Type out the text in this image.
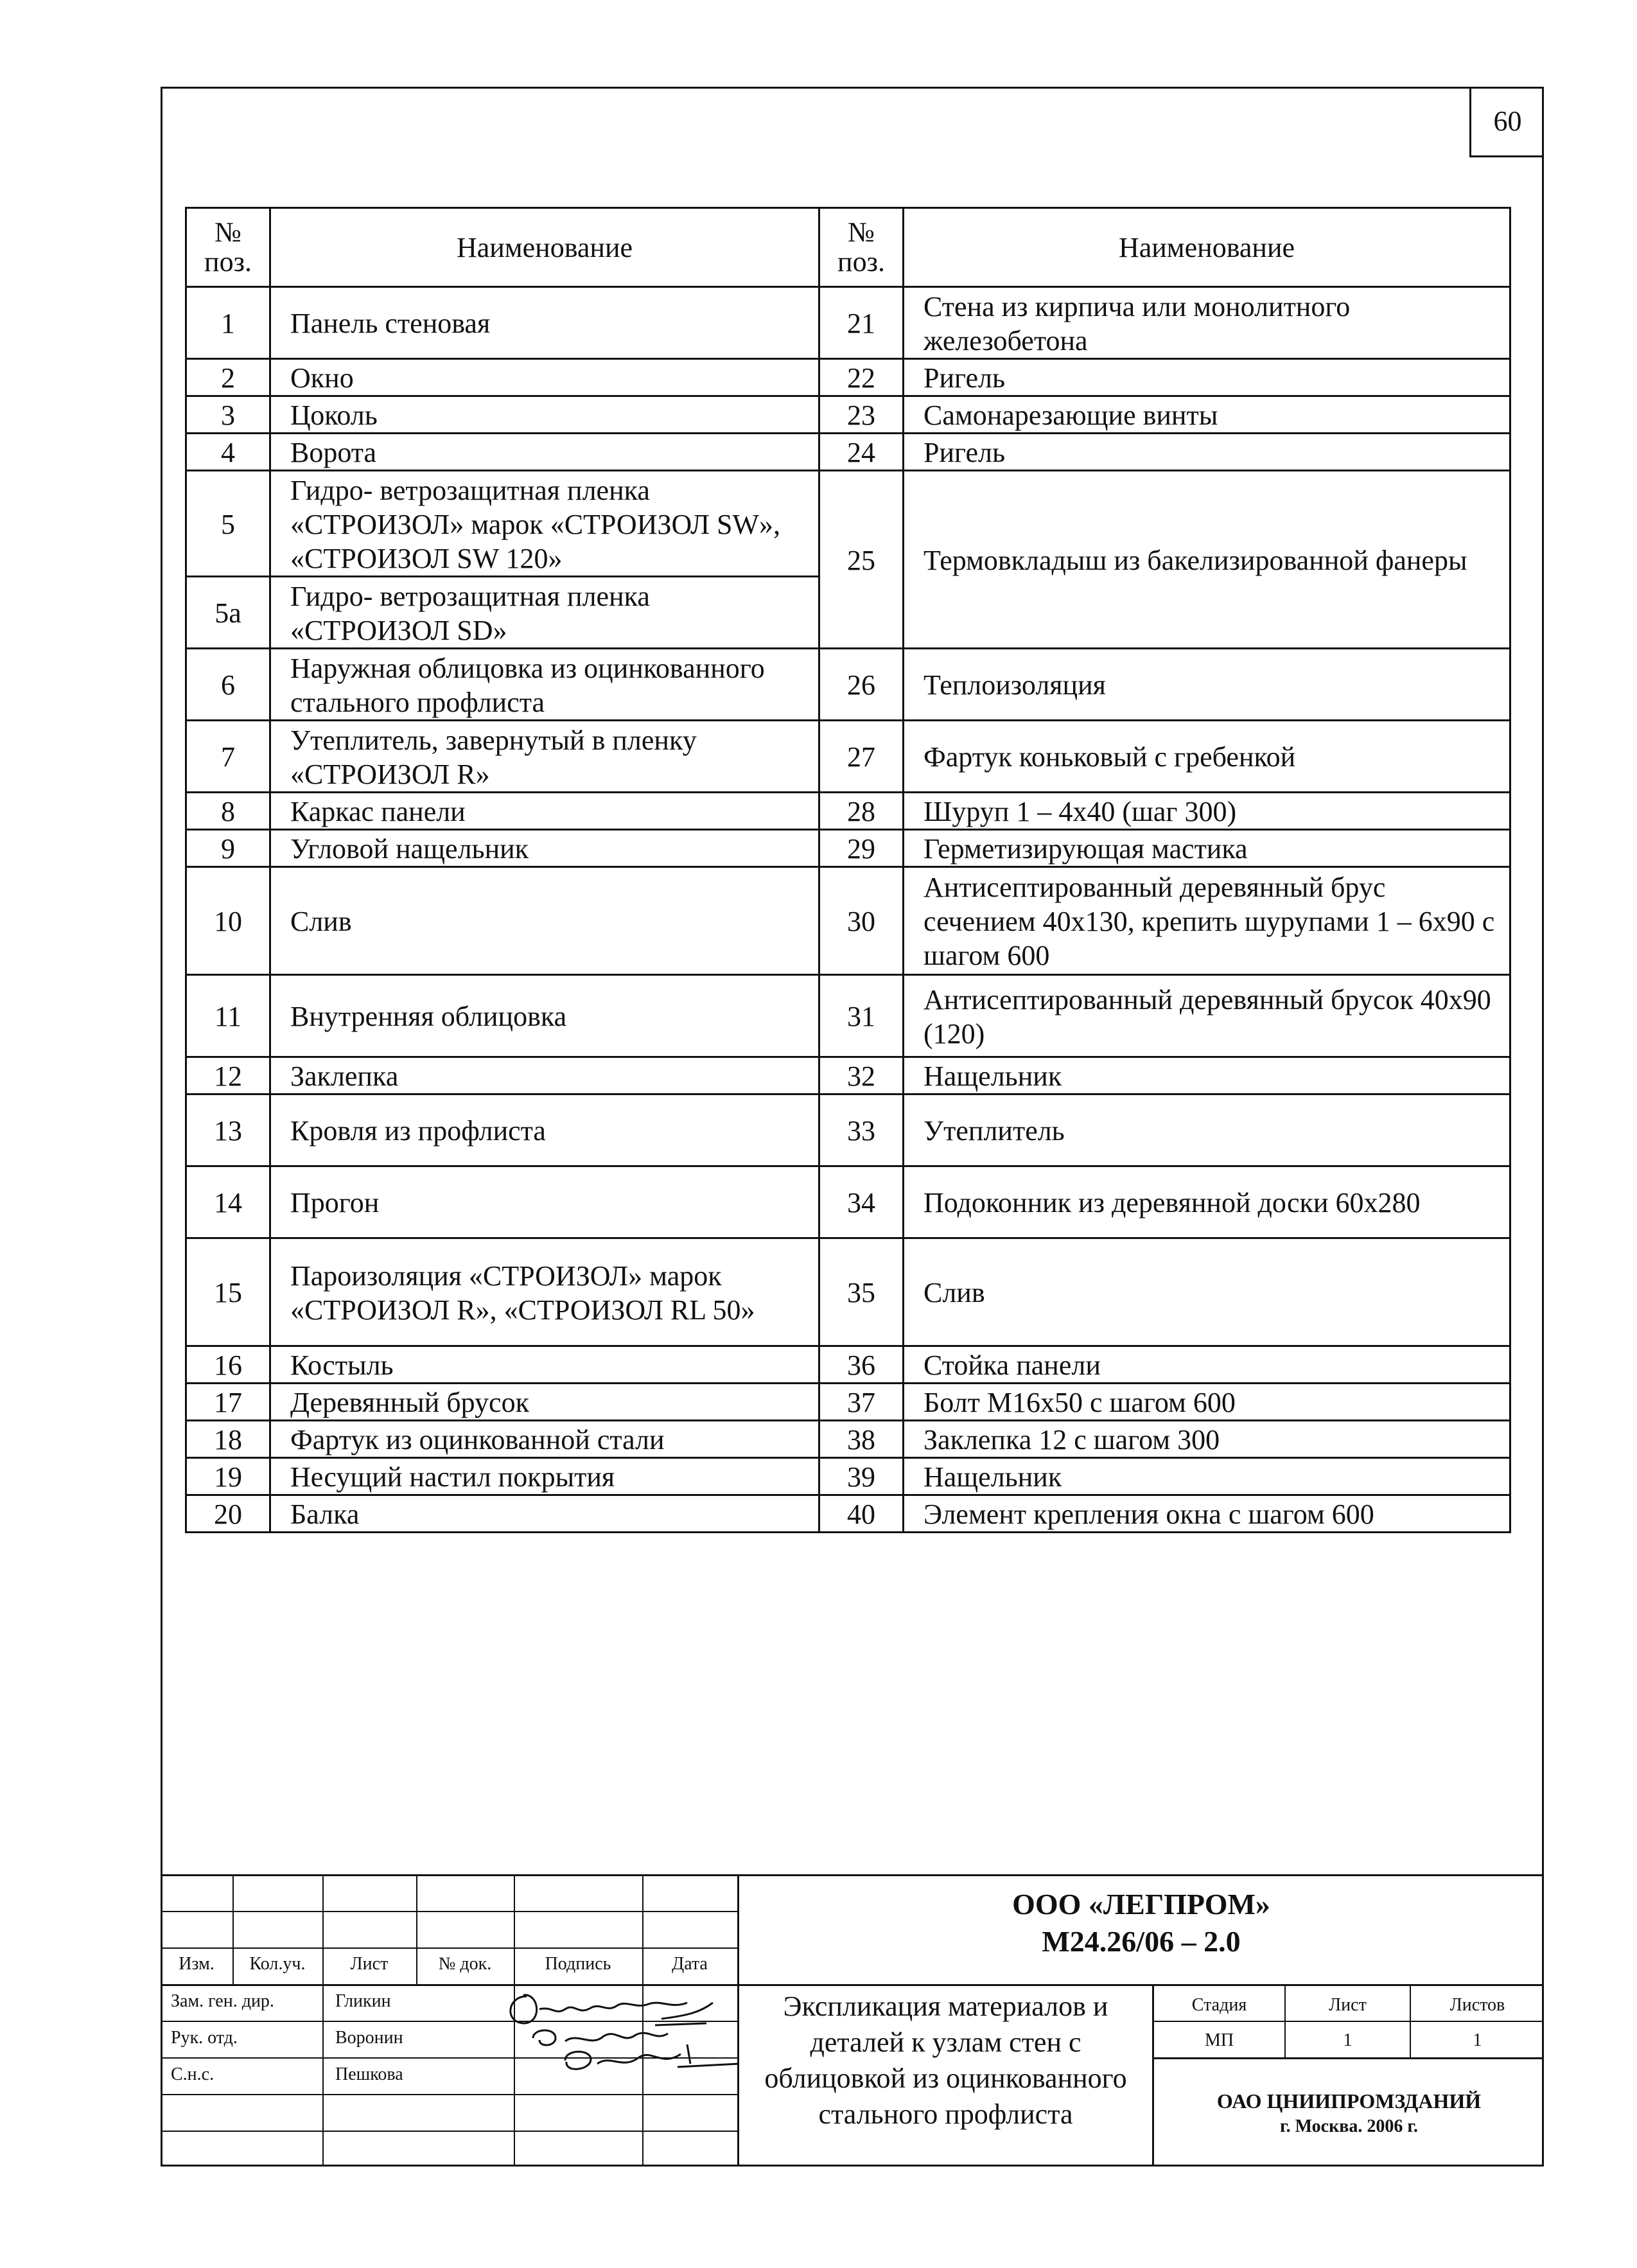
60
№ поз.	Наименование	№ поз.	Наименование
1	Панель стеновая	21	Стена из кирпича или монолитного железобетона
2	Окно	22	Ригель
3	Цоколь	23	Самонарезающие винты
4	Ворота	24	Ригель
5	Гидро- ветрозащитная пленка «СТРОИЗОЛ» марок «СТРОИЗОЛ SW», «СТРОИЗОЛ SW 120»	25	Термовкладыш из бакелизированной фанеры
5а	Гидро- ветрозащитная пленка «СТРОИЗОЛ SD»		
6	Наружная облицовка из оцинкованного стального профлиста	26	Теплоизоляция
7	Утеплитель, завернутый в пленку «СТРОИЗОЛ R»	27	Фартук коньковый с гребенкой
8	Каркас панели	28	Шуруп 1 – 4х40 (шаг 300)
9	Угловой нащельник	29	Герметизирующая мастика
10	Слив	30	Антисептированный деревянный брус сечением 40х130, крепить шурупами 1 – 6х90 с шагом 600
11	Внутренняя облицовка	31	Антисептированный деревянный брусок 40х90 (120)
12	Заклепка	32	Нащельник
13	Кровля из профлиста	33	Утеплитель
14	Прогон	34	Подоконник из деревянной доски 60х280
15	Пароизоляция «СТРОИЗОЛ» марок «СТРОИЗОЛ R», «СТРОИЗОЛ RL 50»	35	Слив
16	Костыль	36	Стойка панели
17	Деревянный брусок	37	Болт М16х50 с шагом 600
18	Фартук из оцинкованной стали	38	Заклепка 12 с шагом 300
19	Несущий настил покрытия	39	Нащельник
20	Балка	40	Элемент крепления окна с шагом 600
Изм.	Кол.уч.	Лист	№ док.	Подпись	Дата
Зам. ген. дир.	Гликин
Рук. отд.	Воронин
С.н.с.	Пешкова
ООО «ЛЕГПРОМ»
М24.26/06 – 2.0
Экспликация материалов и деталей к узлам стен с облицовкой из оцинкованного стального профлиста
Стадия	Лист	Листов
МП	1	1
ОАО ЦНИИПРОМЗДАНИЙ
г. Москва. 2006 г.
